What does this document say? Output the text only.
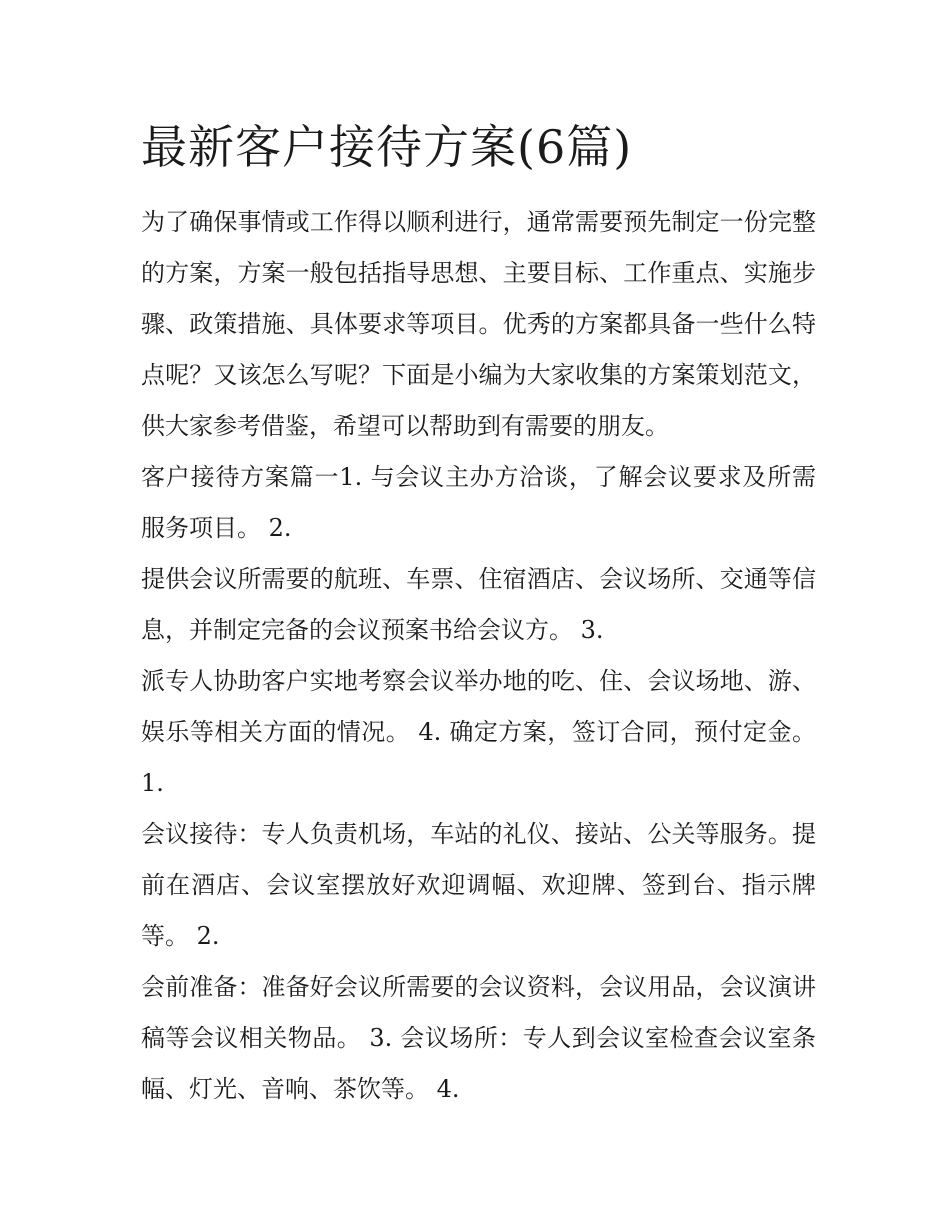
最新客户接待方案(6篇)

为了确保事情或工作得以顺利进行，通常需要预先制定一份完整的方案，方案一般包括指导思想、主要目标、工作重点、实施步骤、政策措施、具体要求等项目。优秀的方案都具备一些什么特点呢？又该怎么写呢？下面是小编为大家收集的方案策划范文，供大家参考借鉴，希望可以帮助到有需要的朋友。

客户接待方案篇一1. 与会议主办方洽谈，了解会议要求及所需服务项目。 2.

提供会议所需要的航班、车票、住宿酒店、会议场所、交通等信息，并制定完备的会议预案书给会议方。 3.

派专人协助客户实地考察会议举办地的吃、住、会议场地、游、娱乐等相关方面的情况。 4. 确定方案，签订合同，预付定金。 1.

会议接待：专人负责机场，车站的礼仪、接站、公关等服务。提前在酒店、会议室摆放好欢迎调幅、欢迎牌、签到台、指示牌等。 2.

会前准备：准备好会议所需要的会议资料，会议用品，会议演讲稿等会议相关物品。 3. 会议场所：专人到会议室检查会议室条幅、灯光、音响、茶饮等。 4.
